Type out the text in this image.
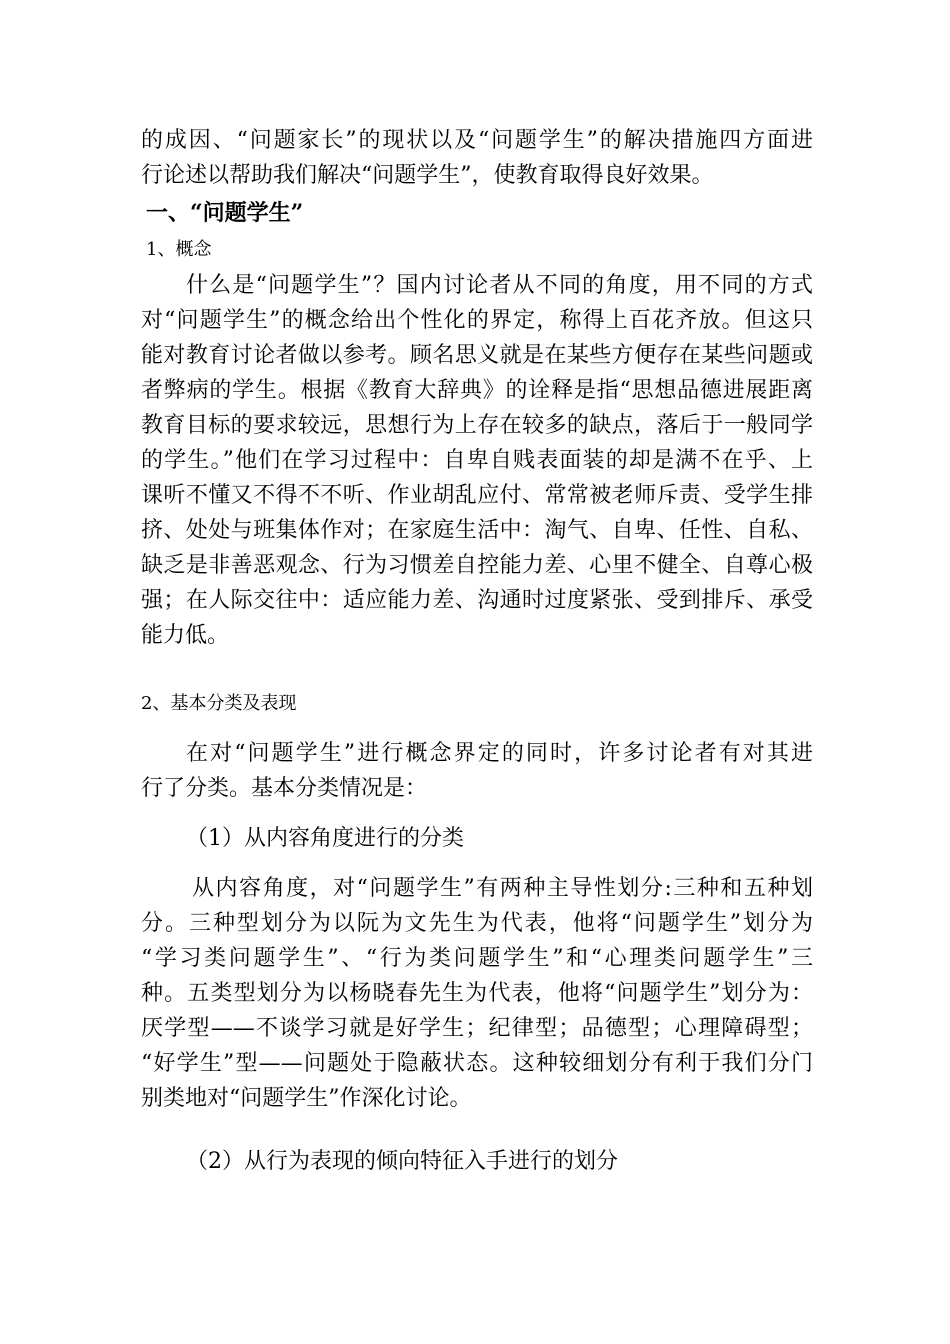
的成因、“问题家长”的现状以及“问题学生”的解决措施四方面进
行论述以帮助我们解决“问题学生”，使教育取得良好效果。
一、“问题学生”
1、概念
什么是“问题学生”？国内讨论者从不同的角度，用不同的方式
对“问题学生”的概念给出个性化的界定，称得上百花齐放。但这只
能对教育讨论者做以参考。顾名思义就是在某些方便存在某些问题或
者弊病的学生。根据《教育大辞典》的诠释是指“思想品德进展距离
教育目标的要求较远，思想行为上存在较多的缺点，落后于一般同学
的学生。”他们在学习过程中：自卑自贱表面装的却是满不在乎、上
课听不懂又不得不不听、作业胡乱应付、常常被老师斥责、受学生排
挤、处处与班集体作对；在家庭生活中：淘气、自卑、任性、自私、
缺乏是非善恶观念、行为习惯差自控能力差、心里不健全、自尊心极
强；在人际交往中：适应能力差、沟通时过度紧张、受到排斥、承受
能力低。
2、基本分类及表现
在对“问题学生”进行概念界定的同时，许多讨论者有对其进
行了分类。基本分类情况是：
（1）从内容角度进行的分类
从内容角度，对“问题学生”有两种主导性划分:三种和五种划
分。三种型划分为以阮为文先生为代表，他将“问题学生”划分为
“学习类问题学生”、“行为类问题学生”和“心理类问题学生”三
种。五类型划分为以杨晓春先生为代表，他将“问题学生”划分为：
厌学型——不谈学习就是好学生；纪律型；品德型；心理障碍型；
“好学生”型——问题处于隐蔽状态。这种较细划分有利于我们分门
别类地对“问题学生”作深化讨论。
（2）从行为表现的倾向特征入手进行的划分
